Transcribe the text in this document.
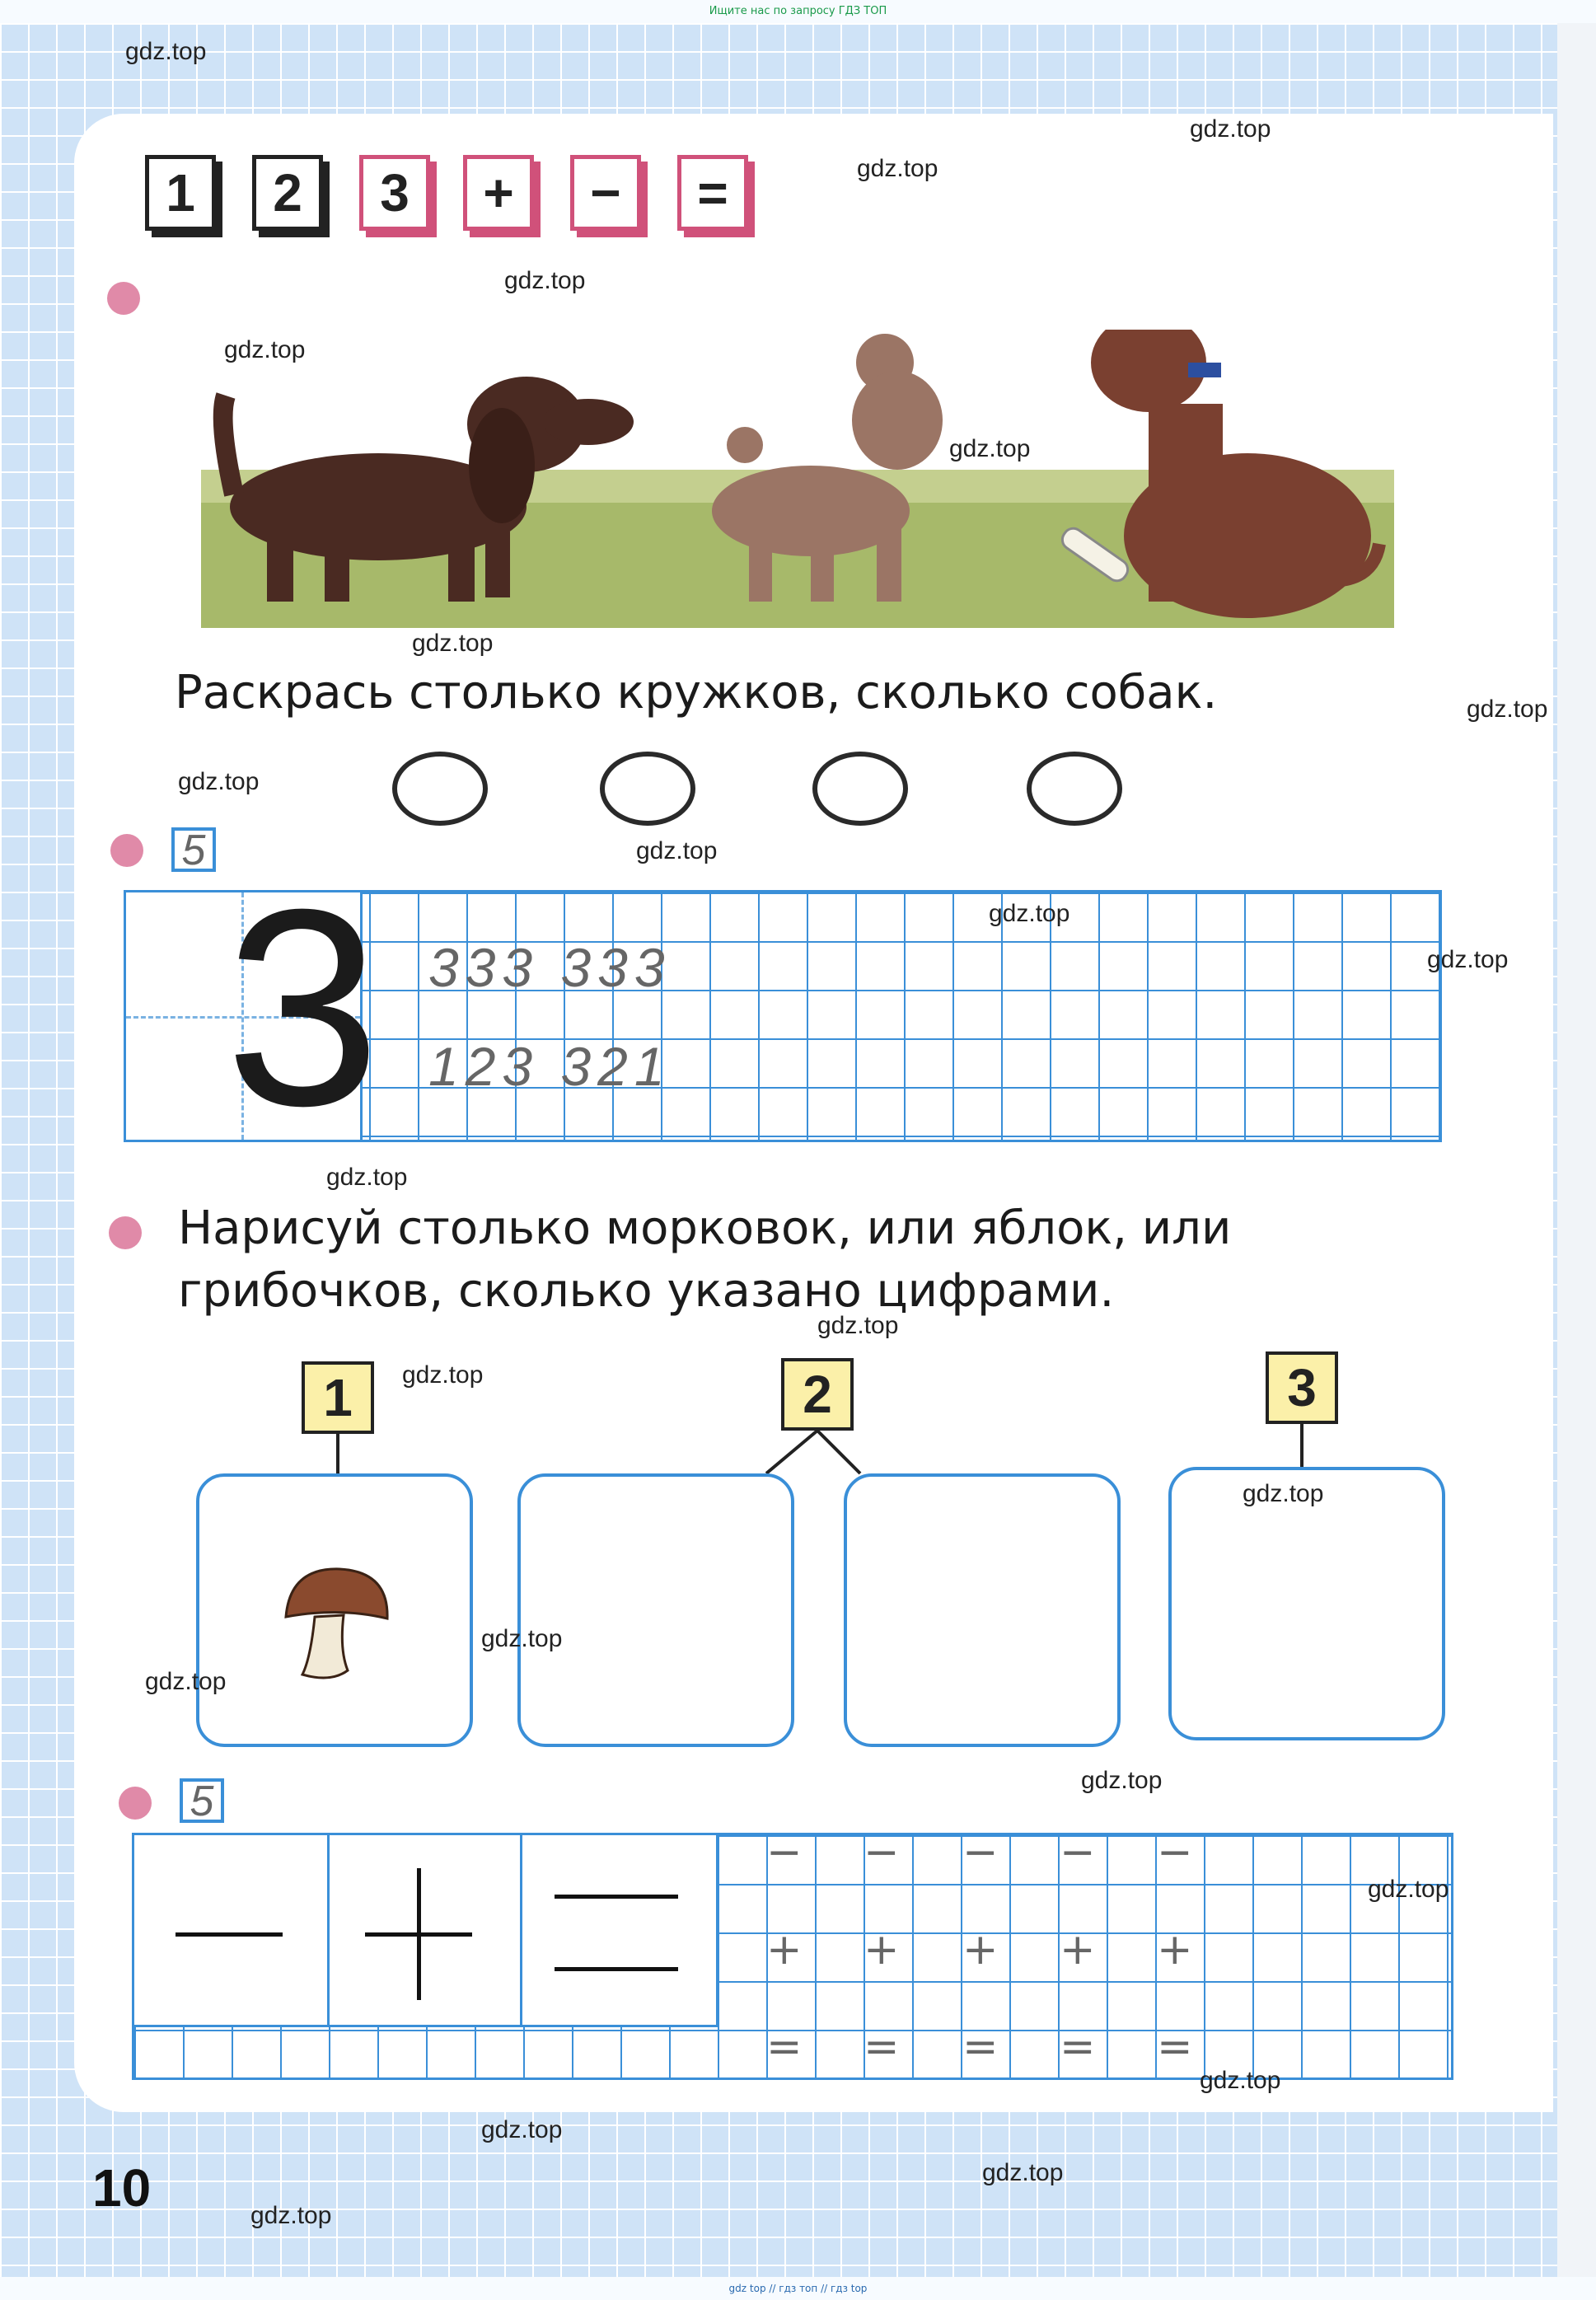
Ищите нас по запросу ГДЗ ТОП
1	2	3	+	−	=
Раскрась столько кружков, сколько собак.
5
3 333 333
123 321
Нарисуй столько морковок, или яблок, или
грибочков, сколько указано цифрами.
1	2	3
5
− − − − −
+ + + + +
= = = = =
10
gdz.top
gdz.top
gdz.top
gdz.top
gdz.top
gdz.top
gdz.top
gdz.top
gdz.top
gdz.top
gdz.top
gdz.top
gdz.top
gdz.top
gdz.top
gdz.top
gdz.top
gdz.top
gdz.top
gdz.top
gdz.top
gdz.top
gdz.top
gdz.top
gdz top // гдз топ // гдз top
